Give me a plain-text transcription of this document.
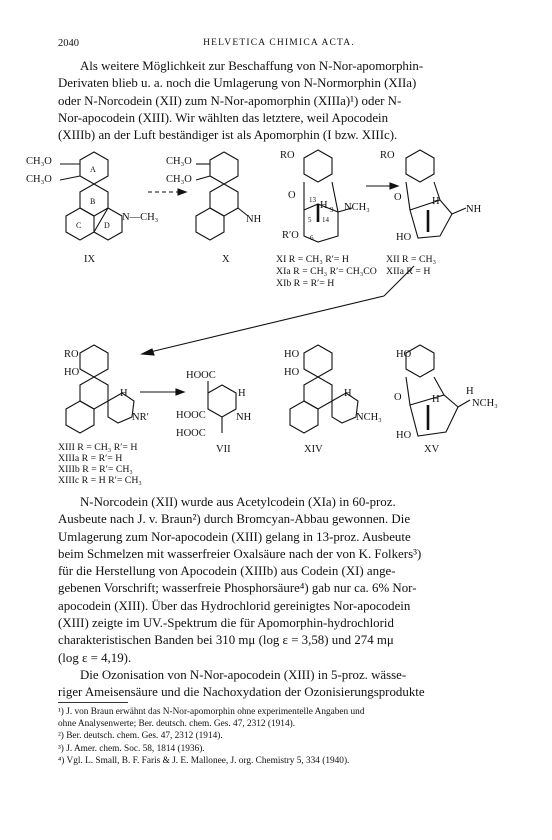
2040	HELVETICA CHIMICA ACTA.
Als weitere Möglichkeit zur Beschaffung von N-Nor-apomorphin-
Derivaten blieb u. a. noch die Umlagerung von N-Normorphin (XIIa)
oder N-Norcodein (XII) zum N-Nor-apomorphin (XIIIa)¹) oder N-
Nor-apocodein (XIII). Wir wählten das letztere, weil Apocodein
(XIIIb) an der Luft beständiger ist als Apomorphin (I bzw. XIIIc).
CH₃O
CH₃O
A
B
C	D
N—CH₃
IX
CH₃O
CH₃O
NH
X
RO
O 13 H 9
5 14
6
NCH₃
R′O
XI R = CH₃ R′= H
XIa R = CH₃ R′= CH₃CO
XIb R = R′= H
RO
O	H
NH
HO
XII R = CH₃
XIIa R = H
RO
HO
H
NR′
XIII R = CH₃ R′= H
XIIIa R = R′= H
XIIIb R = R′= CH₃
XIIIc R = H R′= CH₃
HOOC
H
HOOC	NH
HOOC
VII
HO
HO
H
NCH₃
XIV
HO
O	H
H
NCH₃
HO
XV
N-Norcodein (XII) wurde aus Acetylcodein (XIa) in 60-proz.
Ausbeute nach J. v. Braun²) durch Bromcyan-Abbau gewonnen. Die
Umlagerung zum Nor-apocodein (XIII) gelang in 13-proz. Ausbeute
beim Schmelzen mit wasserfreier Oxalsäure nach der von K. Folkers³)
für die Herstellung von Apocodein (XIIIb) aus Codein (XI) ange-
gebenen Vorschrift; wasserfreie Phosphorsäure⁴) gab nur ca. 6% Nor-
apocodein (XIII). Über das Hydrochlorid gereinigtes Nor-apocodein
(XIII) zeigte im UV.-Spektrum die für Apomorphin-hydrochlorid
charakteristischen Banden bei 310 mμ (log ε = 3,58) und 274 mμ
(log ε = 4,19).
Die Ozonisation von N-Nor-apocodein (XIII) in 5-proz. wässe-
riger Ameisensäure und die Nachoxydation der Ozonisierungsprodukte
¹) J. von Braun erwähnt das N-Nor-apomorphin ohne experimentelle Angaben und
ohne Analysenwerte; Ber. deutsch. chem. Ges. 47, 2312 (1914).
²) Ber. deutsch. chem. Ges. 47, 2312 (1914).
³) J. Amer. chem. Soc. 58, 1814 (1936).
⁴) Vgl. L. Small, B. F. Faris & J. E. Mallonee, J. org. Chemistry 5, 334 (1940).
